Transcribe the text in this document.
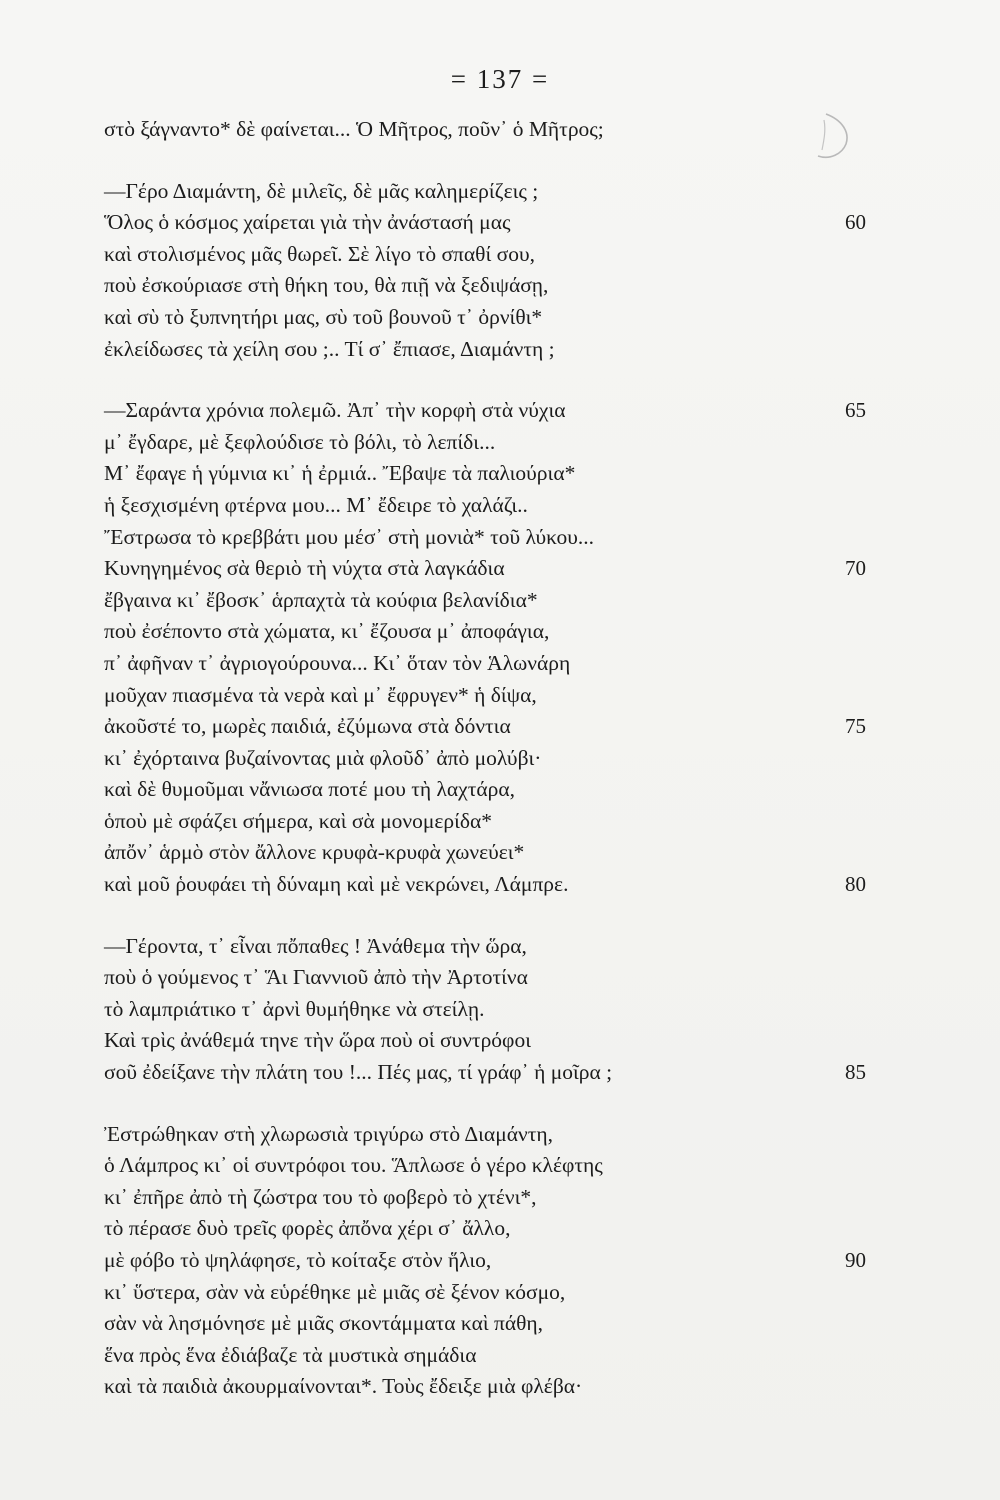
= 137 =
στὸ ξάγναντο* δὲ φαίνεται... Ὁ Μῆτρος, ποῦν᾿ ὁ Μῆτρος;
—Γέρο Διαμάντη, δὲ μιλεῖς, δὲ μᾶς καλημερίζεις ;
Ὅλος ὁ κόσμος χαίρεται γιὰ τὴν ἀνάστασή μας	60
καὶ στολισμένος μᾶς θωρεῖ. Σὲ λίγο τὸ σπαθί σου,
ποὺ ἐσκούριασε στὴ θήκη του, θὰ πιῇ νὰ ξεδιψάσῃ,
καὶ σὺ τὸ ξυπνητήρι μας, σὺ τοῦ βουνοῦ τ᾿ ὀρνίθι*
ἐκλείδωσες τὰ χείλη σου ;.. Τί σ᾿ ἔπιασε, Διαμάντη ;
—Σαράντα χρόνια πολεμῶ. Ἀπ᾿ τὴν κορφὴ στὰ νύχια	65
μ᾿ ἔγδαρε, μὲ ξεφλούδισε τὸ βόλι, τὸ λεπίδι...
Μ᾿ ἔφαγε ἡ γύμνια κι᾿ ἡ ἐρμιά.. Ἔβαψε τὰ παλιούρια*
ἡ ξεσχισμένη φτέρνα μου... Μ᾿ ἔδειρε τὸ χαλάζι..
Ἔστρωσα τὸ κρεββάτι μου μέσ᾿ στὴ μονιὰ* τοῦ λύκου...
Κυνηγημένος σὰ θεριὸ τὴ νύχτα στὰ λαγκάδια	70
ἔβγαινα κι᾿ ἔβοσκ᾿ ἁρπαχτὰ τὰ κούφια βελανίδια*
ποὺ ἐσέποντο στὰ χώματα, κι᾿ ἔζουσα μ᾿ ἀποφάγια,
π᾿ ἀφῆναν τ᾿ ἀγριογούρουνα... Κι᾿ ὅταν τὸν Ἁλωνάρη
μοῦχαν πιασμένα τὰ νερὰ καὶ μ᾿ ἔφρυγεν* ἡ δίψα,
ἀκοῦστέ το, μωρὲς παιδιά, ἐζύμωνα στὰ δόντια	75
κι᾿ ἐχόρταινα βυζαίνοντας μιὰ φλοῦδ᾿ ἀπὸ μολύβι·
καὶ δὲ θυμοῦμαι νἄνιωσα ποτέ μου τὴ λαχτάρα,
ὁποὺ μὲ σφάζει σήμερα, καὶ σὰ μονομερίδα*
ἀπὄν᾿ ἁρμὸ στὸν ἄλλονε κρυφὰ-κρυφὰ χωνεύει*
καὶ μοῦ ῥουφάει τὴ δύναμη καὶ μὲ νεκρώνει, Λάμπρε.	80
—Γέροντα, τ᾿ εἶναι πὄπαθες ! Ἀνάθεμα τὴν ὥρα,
ποὺ ὁ γούμενος τ᾿ Ἅι Γιαννιοῦ ἀπὸ τὴν Ἀρτοτίνα
τὸ λαμπριάτικο τ᾿ ἀρνὶ θυμήθηκε νὰ στείλῃ.
Καὶ τρὶς ἀνάθεμά τηνε τὴν ὥρα ποὺ οἱ συντρόφοι
σοῦ ἐδείξανε τὴν πλάτη του !... Πές μας, τί γράφ᾿ ἡ μοῖρα ;	85
Ἐστρώθηκαν στὴ χλωρωσιὰ τριγύρω στὸ Διαμάντη,
ὁ Λάμπρος κι᾿ οἱ συντρόφοι του. Ἅπλωσε ὁ γέρο κλέφτης
κι᾿ ἐπῆρε ἀπὸ τὴ ζώστρα του τὸ φοβερὸ τὸ χτένι*,
τὸ πέρασε δυὸ τρεῖς φορὲς ἀπὄνα χέρι σ᾿ ἄλλο,
μὲ φόβο τὸ ψηλάφησε, τὸ κοίταξε στὸν ἥλιο,	90
κι᾿ ὕστερα, σὰν νὰ εὑρέθηκε μὲ μιᾶς σὲ ξένον κόσμο,
σὰν νὰ λησμόνησε μὲ μιᾶς σκοντάμματα καὶ πάθη,
ἕνα πρὸς ἕνα ἐδιάβαζε τὰ μυστικὰ σημάδια
καὶ τὰ παιδιὰ ἀκουρμαίνονται*. Τοὺς ἔδειξε μιὰ φλέβα·
